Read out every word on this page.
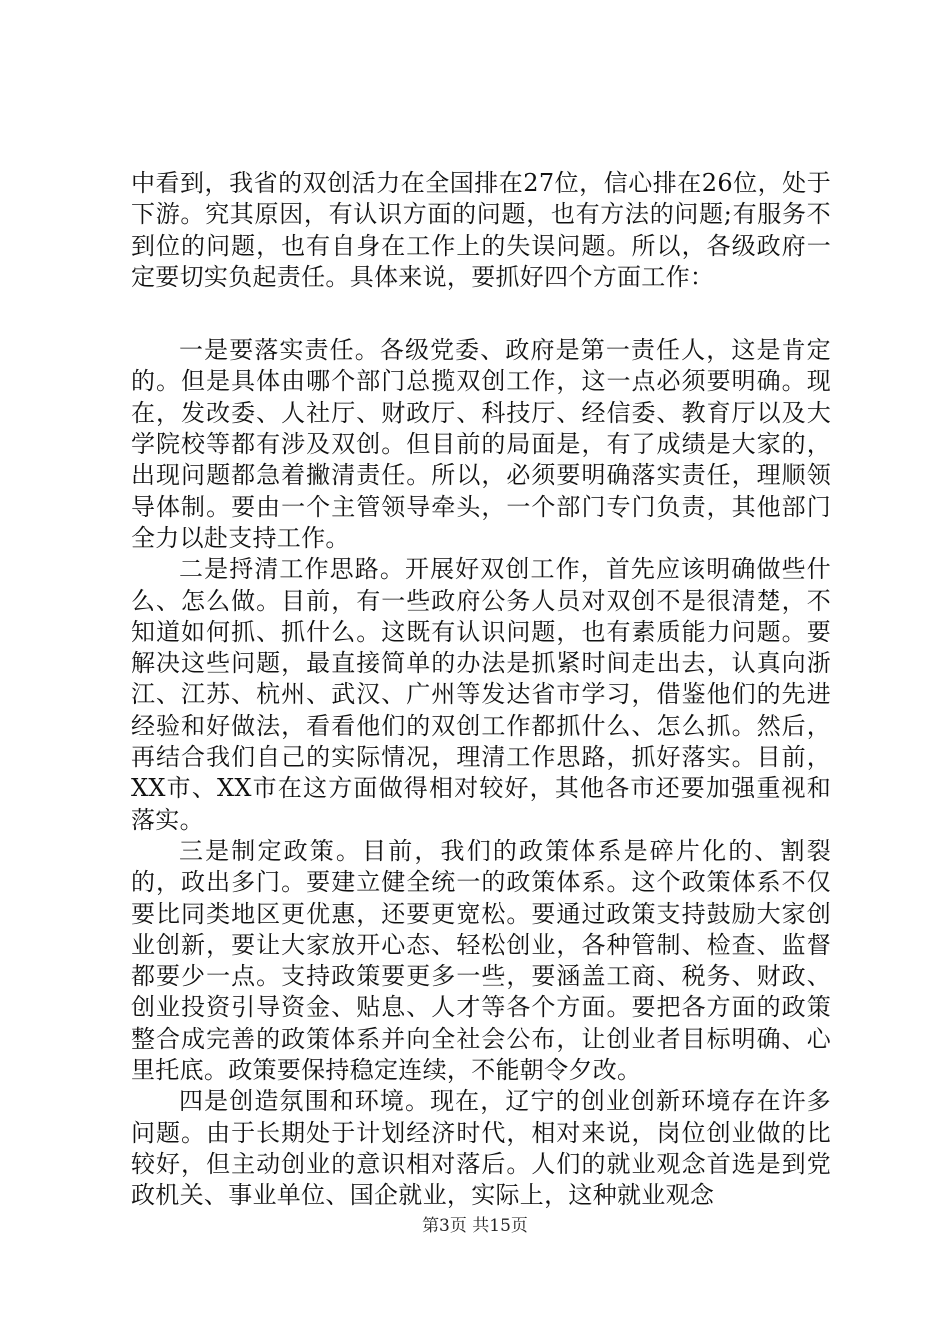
中看到，我省的双创活力在全国排在27位，信心排在26位，处于下游。究其原因，有认识方面的问题，也有方法的问题;有服务不到位的问题，也有自身在工作上的失误问题。所以，各级政府一定要切实负起责任。具体来说，要抓好四个方面工作：

一是要落实责任。各级党委、政府是第一责任人，这是肯定的。但是具体由哪个部门总揽双创工作，这一点必须要明确。现在，发改委、人社厅、财政厅、科技厅、经信委、教育厅以及大学院校等都有涉及双创。但目前的局面是，有了成绩是大家的，出现问题都急着撇清责任。所以，必须要明确落实责任，理顺领导体制。要由一个主管领导牵头，一个部门专门负责，其他部门全力以赴支持工作。

二是捋清工作思路。开展好双创工作，首先应该明确做些什么、怎么做。目前，有一些政府公务人员对双创不是很清楚，不知道如何抓、抓什么。这既有认识问题，也有素质能力问题。要解决这些问题，最直接简单的办法是抓紧时间走出去，认真向浙江、江苏、杭州、武汉、广州等发达省市学习，借鉴他们的先进经验和好做法，看看他们的双创工作都抓什么、怎么抓。然后，再结合我们自己的实际情况，理清工作思路，抓好落实。目前，XX市、XX市在这方面做得相对较好，其他各市还要加强重视和落实。

三是制定政策。目前，我们的政策体系是碎片化的、割裂的，政出多门。要建立健全统一的政策体系。这个政策体系不仅要比同类地区更优惠，还要更宽松。要通过政策支持鼓励大家创业创新，要让大家放开心态、轻松创业，各种管制、检查、监督都要少一点。支持政策要更多一些，要涵盖工商、税务、财政、创业投资引导资金、贴息、人才等各个方面。要把各方面的政策整合成完善的政策体系并向全社会公布，让创业者目标明确、心里托底。政策要保持稳定连续，不能朝令夕改。

四是创造氛围和环境。现在，辽宁的创业创新环境存在许多问题。由于长期处于计划经济时代，相对来说，岗位创业做的比较好，但主动创业的意识相对落后。人们的就业观念首选是到党政机关、事业单位、国企就业，实际上，这种就业观念

第3页 共15页
